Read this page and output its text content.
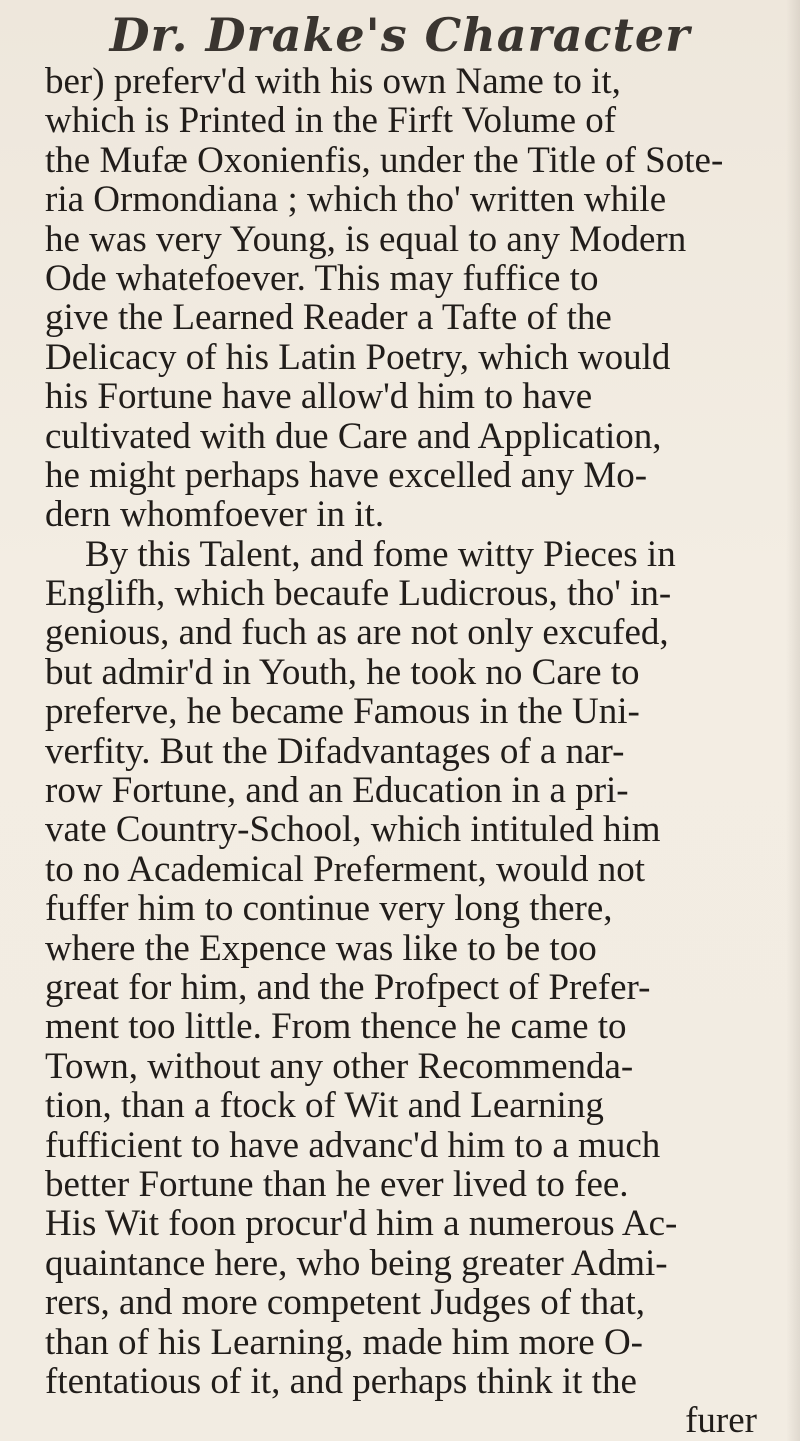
Dr. Drake's Character
ber) preferv'd with his own Name to it,
which is Printed in the Firft Volume of
the Mufæ Oxonienfis, under the Title of Sote-
ria Ormondiana ; which tho' written while
he was very Young, is equal to any Modern
Ode whatefoever. This may fuffice to
give the Learned Reader a Tafte of the
Delicacy of his Latin Poetry, which would
his Fortune have allow'd him to have
cultivated with due Care and Application,
he might perhaps have excelled any Mo-
dern whomfoever in it.
By this Talent, and fome witty Pieces in
Englifh, which becaufe Ludicrous, tho' in-
genious, and fuch as are not only excufed,
but admir'd in Youth, he took no Care to
preferve, he became Famous in the Uni-
verfity. But the Difadvantages of a nar-
row Fortune, and an Education in a pri-
vate Country-School, which intituled him
to no Academical Preferment, would not
fuffer him to continue very long there,
where the Expence was like to be too
great for him, and the Profpect of Prefer-
ment too little. From thence he came to
Town, without any other Recommenda-
tion, than a ftock of Wit and Learning
fufficient to have advanc'd him to a much
better Fortune than he ever lived to fee.
His Wit foon procur'd him a numerous Ac-
quaintance here, who being greater Admi-
rers, and more competent Judges of that,
than of his Learning, made him more O-
ftentatious of it, and perhaps think it the
furer
